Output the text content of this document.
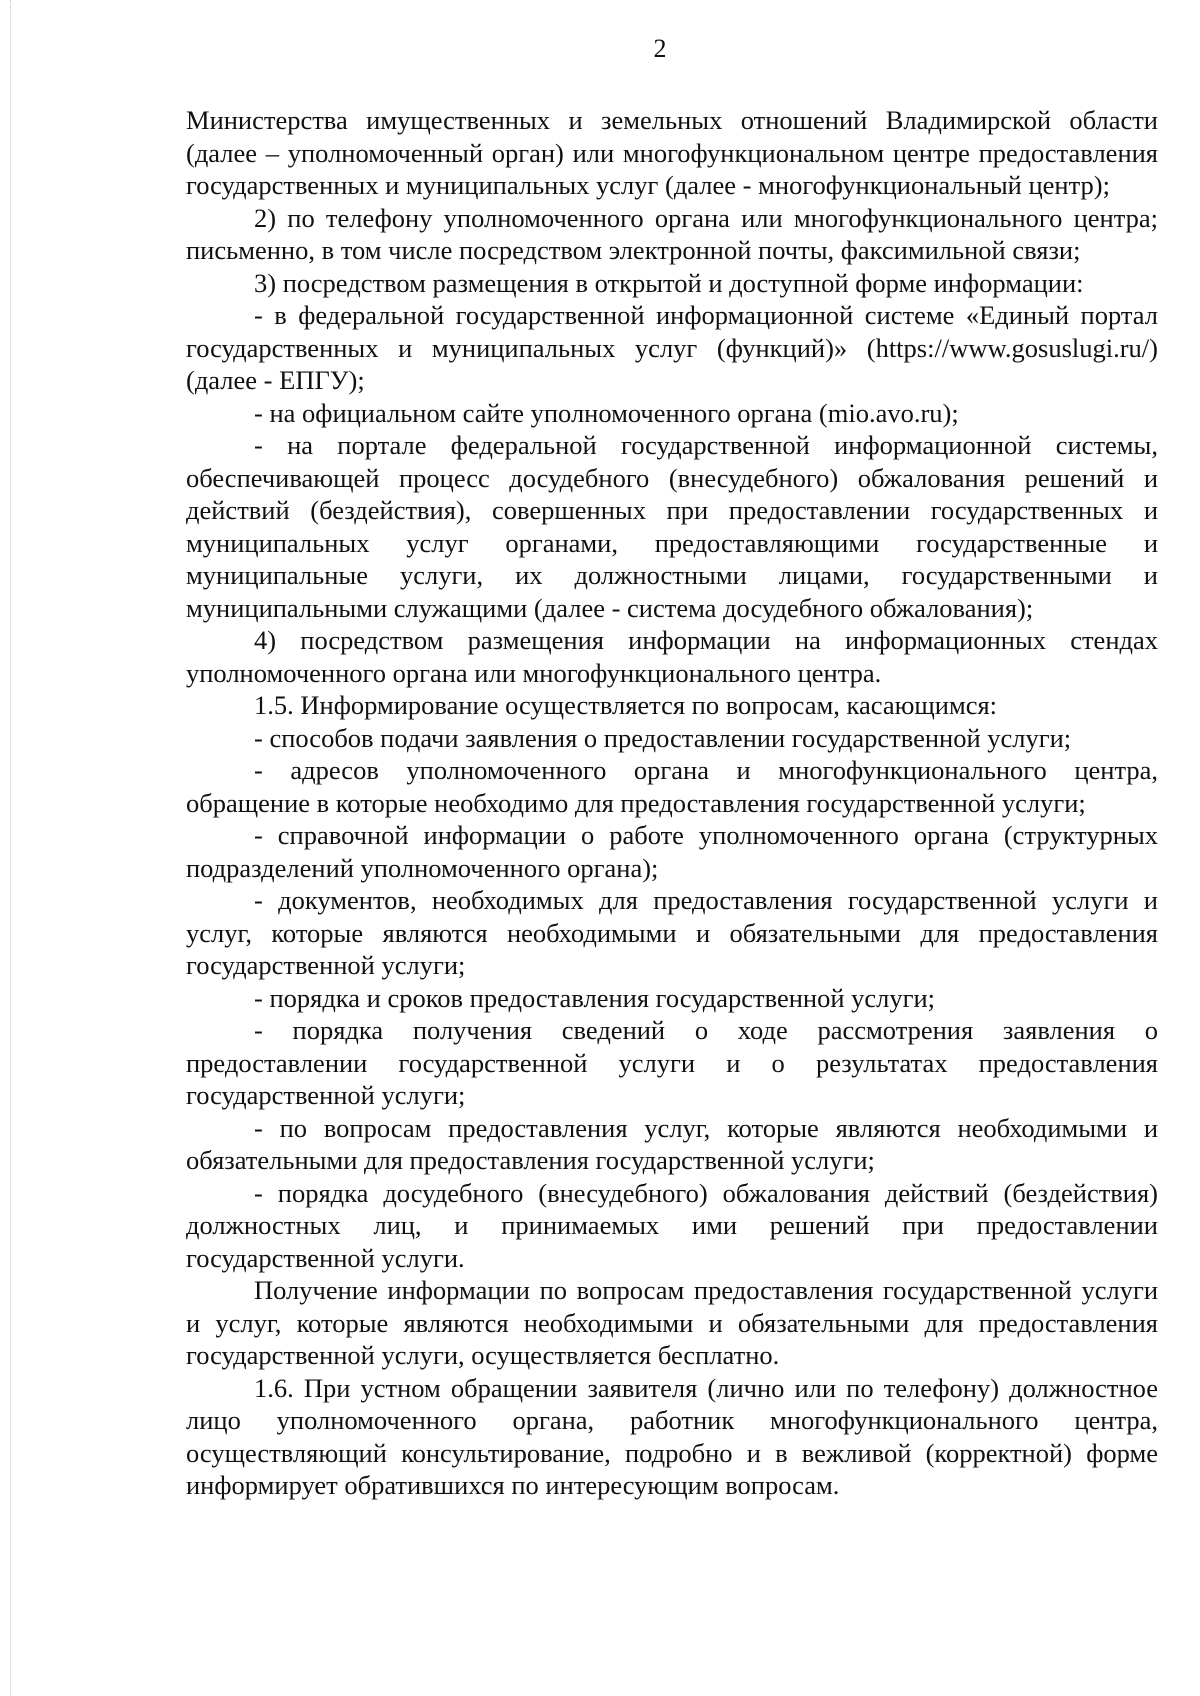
2

Министерства имущественных и земельных отношений Владимирской области (далее – уполномоченный орган) или многофункциональном центре предоставления государственных и муниципальных услуг (далее - многофункциональный центр);

2) по телефону уполномоченного органа или многофункционального центра; письменно, в том числе посредством электронной почты, факсимильной связи;

3) посредством размещения в открытой и доступной форме информации:

- в федеральной государственной информационной системе «Единый портал государственных и муниципальных услуг (функций)» (https://www.gosuslugi.ru/) (далее - ЕПГУ);

- на официальном сайте уполномоченного органа (mio.avo.ru);

- на портале федеральной государственной информационной системы, обеспечивающей процесс досудебного (внесудебного) обжалования решений и действий (бездействия), совершенных при предоставлении государственных и муниципальных услуг органами, предоставляющими государственные и муниципальные услуги, их должностными лицами, государственными и муниципальными служащими (далее - система досудебного обжалования);

4) посредством размещения информации на информационных стендах уполномоченного органа или многофункционального центра.

1.5. Информирование осуществляется по вопросам, касающимся:

- способов подачи заявления о предоставлении государственной услуги;

- адресов уполномоченного органа и многофункционального центра, обращение в которые необходимо для предоставления государственной услуги;

- справочной информации о работе уполномоченного органа (структурных подразделений уполномоченного органа);

- документов, необходимых для предоставления государственной услуги и услуг, которые являются необходимыми и обязательными для предоставления государственной услуги;

- порядка и сроков предоставления государственной услуги;

- порядка получения сведений о ходе рассмотрения заявления о предоставлении государственной услуги и о результатах предоставления государственной услуги;

- по вопросам предоставления услуг, которые являются необходимыми и обязательными для предоставления государственной услуги;

- порядка досудебного (внесудебного) обжалования действий (бездействия) должностных лиц, и принимаемых ими решений при предоставлении государственной услуги.

Получение информации по вопросам предоставления государственной услуги и услуг, которые являются необходимыми и обязательными для предоставления государственной услуги, осуществляется бесплатно.

1.6. При устном обращении заявителя (лично или по телефону) должностное лицо уполномоченного органа, работник многофункционального центра, осуществляющий консультирование, подробно и в вежливой (корректной) форме информирует обратившихся по интересующим вопросам.
